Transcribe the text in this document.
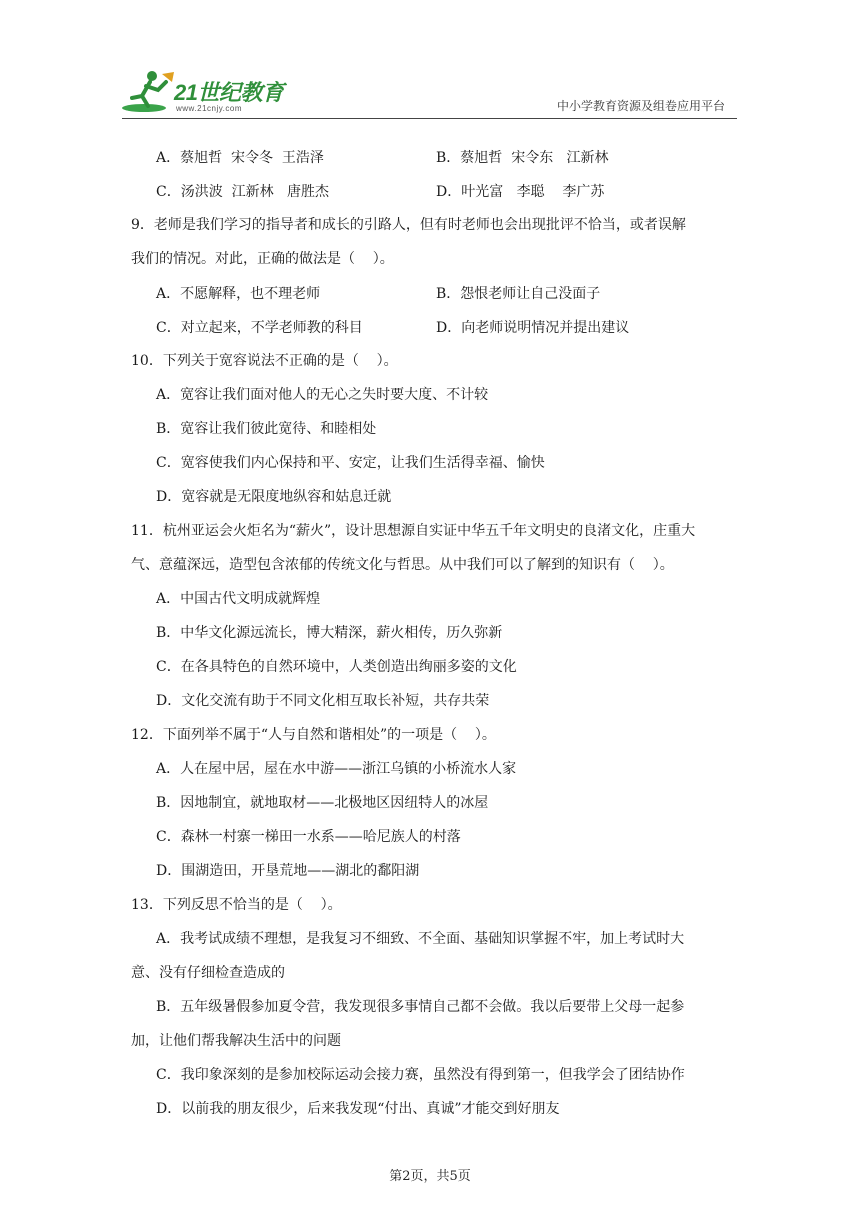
21世纪教育
www.21cnjy.com	中小学教育资源及组卷应用平台
A．蔡旭哲  宋令冬  王浩泽	B．蔡旭哲  宋令东   江新林
C．汤洪波  江新林   唐胜杰	D．叶光富   李聪    李广苏
9．老师是我们学习的指导者和成长的引路人，但有时老师也会出现批评不恰当，或者误解
我们的情况。对此，正确的做法是（    ）。
A．不愿解释，也不理老师	B．怨恨老师让自己没面子
C．对立起来，不学老师教的科目	D．向老师说明情况并提出建议
10．下列关于宽容说法不正确的是（    ）。
A．宽容让我们面对他人的无心之失时要大度、不计较
B．宽容让我们彼此宽待、和睦相处
C．宽容使我们内心保持和平、安定，让我们生活得幸福、愉快
D．宽容就是无限度地纵容和姑息迁就
11．杭州亚运会火炬名为“薪火”，设计思想源自实证中华五千年文明史的良渚文化，庄重大
气、意蕴深远，造型包含浓郁的传统文化与哲思。从中我们可以了解到的知识有（    ）。
A．中国古代文明成就辉煌
B．中华文化源远流长，博大精深，薪火相传，历久弥新
C．在各具特色的自然环境中，人类创造出绚丽多姿的文化
D．文化交流有助于不同文化相互取长补短，共存共荣
12．下面列举不属于“人与自然和谐相处”的一项是（    ）。
A．人在屋中居，屋在水中游——浙江乌镇的小桥流水人家
B．因地制宜，就地取材——北极地区因纽特人的冰屋
C．森林一村寨一梯田一水系——哈尼族人的村落
D．围湖造田，开垦荒地——湖北的鄱阳湖
13．下列反思不恰当的是（    ）。
A．我考试成绩不理想，是我复习不细致、不全面、基础知识掌握不牢，加上考试时大
意、没有仔细检查造成的
B．五年级暑假参加夏令营，我发现很多事情自己都不会做。我以后要带上父母一起参
加，让他们帮我解决生活中的问题
C．我印象深刻的是参加校际运动会接力赛，虽然没有得到第一，但我学会了团结协作
D．以前我的朋友很少，后来我发现“付出、真诚”才能交到好朋友
第2页，共5页
